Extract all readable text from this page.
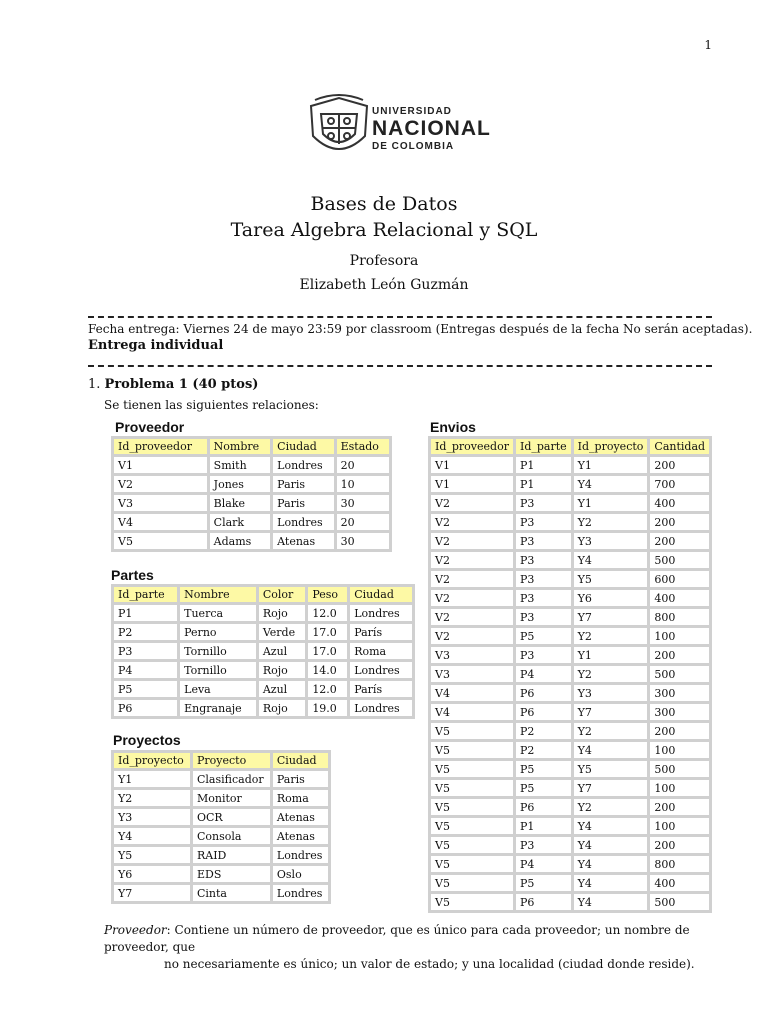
1
UNIVERSIDAD
NACIONAL
DE COLOMBIA
Bases de Datos
Tarea Algebra Relacional y SQL
Profesora
Elizabeth León Guzmán
Fecha entrega: Viernes 24 de mayo 23:59 por classroom (Entregas después de la fecha No serán aceptadas).
Entrega individual
1. Problema 1 (40 ptos)
Se tienen las siguientes relaciones:
Proveedor
Id_proveedor	Nombre	Ciudad	Estado
V1	Smith	Londres	20
V2	Jones	Paris	10
V3	Blake	Paris	30
V4	Clark	Londres	20
V5	Adams	Atenas	30
Partes
Id_parte	Nombre	Color	Peso	Ciudad
P1	Tuerca	Rojo	12.0	Londres
P2	Perno	Verde	17.0	París
P3	Tornillo	Azul	17.0	Roma
P4	Tornillo	Rojo	14.0	Londres
P5	Leva	Azul	12.0	París
P6	Engranaje	Rojo	19.0	Londres
Proyectos
Id_proyecto	Proyecto	Ciudad
Y1	Clasificador	Paris
Y2	Monitor	Roma
Y3	OCR	Atenas
Y4	Consola	Atenas
Y5	RAID	Londres
Y6	EDS	Oslo
Y7	Cinta	Londres
Envios
Id_proveedor	Id_parte	Id_proyecto	Cantidad
V1	P1	Y1	200
V1	P1	Y4	700
V2	P3	Y1	400
V2	P3	Y2	200
V2	P3	Y3	200
V2	P3	Y4	500
V2	P3	Y5	600
V2	P3	Y6	400
V2	P3	Y7	800
V2	P5	Y2	100
V3	P3	Y1	200
V3	P4	Y2	500
V4	P6	Y3	300
V4	P6	Y7	300
V5	P2	Y2	200
V5	P2	Y4	100
V5	P5	Y5	500
V5	P5	Y7	100
V5	P6	Y2	200
V5	P1	Y4	100
V5	P3	Y4	200
V5	P4	Y4	800
V5	P5	Y4	400
V5	P6	Y4	500
Proveedor: Contiene un número de proveedor, que es único para cada proveedor; un nombre de proveedor, que
no necesariamente es único; un valor de estado; y una localidad (ciudad donde reside).
